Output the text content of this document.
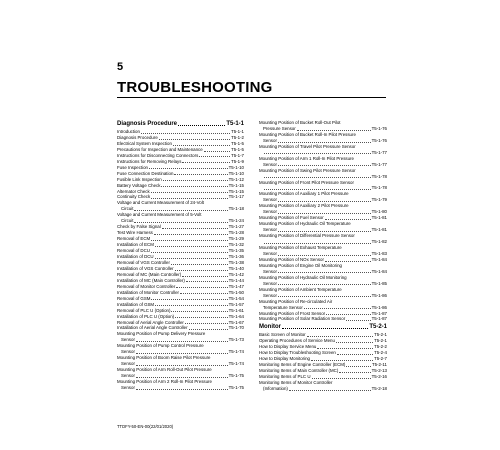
5
TROUBLESHOOTING
Diagnosis Procedure	T5-1-1
Introduction	T5-1-1
Diagnosis Procedure	T5-1-2
Electrical System Inspection	T5-1-5
Precautions for Inspection and Maintenance	T5-1-5
Instructions for Disconnecting Connectors	T5-1-7
Instructions for Removing Relays	T5-1-9
Fuse Inspection	T5-1-10
Fuse Connection Destination	T5-1-10
Fusible Link Inspection	T5-1-12
Battery Voltage Check	T5-1-15
Alternator Check	T5-1-15
Continuity Check	T5-1-17
Voltage and Current Measurement of 24-Volt
Circuit	T5-1-18
Voltage and Current Measurement of 5-Volt
Circuit	T5-1-24
Check by False Signal	T5-1-27
Test Wire Harness	T5-1-28
Removal of ECM	T5-1-29
Installation of ECM	T5-1-32
Removal of DCU	T5-1-35
Installation of DCU	T5-1-36
Removal of VGS Controller	T5-1-38
Installation of VGS Controller	T5-1-40
Removal of MC (Main Controller)	T5-1-42
Installation of MC (Main Controller)	T5-1-44
Removal of Monitor Controller	T5-1-47
Installation of Monitor Controller	T5-1-50
Removal of GSM	T5-1-54
Installation of GSM	T5-1-57
Removal of PLC U (Option)	T5-1-61
Installation of PLC U (Option)	T5-1-64
Removal of Aerial Angle Controller	T5-1-67
Installation of Aerial Angle Controller	T5-1-70
Mounting Position of Pump Delivery Pressure
Sensor	T5-1-73
Mounting Position of Pump Control Pressure
Sensor	T5-1-74
Mounting Position of Boom Raise Pilot Pressure
Sensor	T5-1-74
Mounting Position of Arm Roll-Out Pilot Pressure
Sensor	T5-1-75
Mounting Position of Arm 2 Roll-In Pilot Pressure
Sensor	T5-1-75
Mounting Position of Bucket Roll-Out Pilot
Pressure Sensor	T5-1-76
Mounting Position of Bucket Roll-In Pilot Pressure
Sensor	T5-1-76
Mounting Position of Travel Pilot Pressure Sensor
T5-1-77
Mounting Position of Arm 1 Roll-In Pilot Pressure
Sensor	T5-1-77
Mounting Position of Swing Pilot Pressure Sensor
T5-1-78
Mounting Position of Front Pilot Pressure Sensor
T5-1-78
Mounting Position of Auxiliary 1 Pilot Pressure
Sensor	T5-1-79
Mounting Position of Auxiliary 2 Pilot Pressure
Sensor	T5-1-80
Mounting Position of Fuel Sensor	T5-1-81
Mounting Position of Hydraulic Oil Temperature
Sensor	T5-1-81
Mounting Position of Differential Pressure Sensor
T5-1-82
Mounting Position of Exhaust Temperature
Sensor	T5-1-83
Mounting Position of NOx Sensor	T5-1-84
Mounting Position of Engine Oil Monitoring
Sensor	T5-1-84
Mounting Position of Hydraulic Oil Monitoring
Sensor	T5-1-85
Mounting Position of Ambient Temperature
Sensor	T5-1-86
Mounting Position of Re-circulated Air
Temperature Sensor	T5-1-86
Mounting Position of Frost Sensor	T5-1-87
Mounting Position of Solar Radiation Sensor	T5-1-87
Monitor	T5-2-1
Basic Screen of Monitor	T5-2-1
Operating Procedures of Service Menu	T5-2-1
How to Display Service Menu	T5-2-2
How to Display Troubleshooting Screen	T5-2-4
How to Display Monitoring	T5-2-7
Monitoring Items of Engine Controller (ECM)	T5-2-11
Monitoring Items of Main Controller (MC)	T5-2-13
Monitoring Items of PLC U	T5-2-16
Monitoring Items of Monitor Controller
(Information)	T5-2-18
TTDFY-50-EN-00(22/01/2020)
